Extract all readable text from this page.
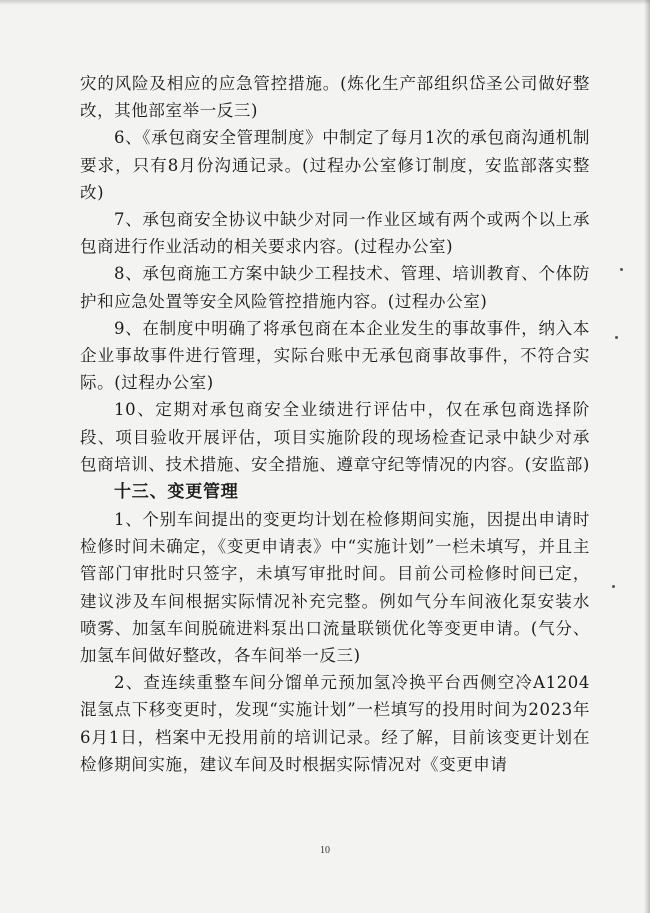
灾的风险及相应的应急管控措施。(炼化生产部组织岱圣公司做好整改，其他部室举一反三)

6、《承包商安全管理制度》中制定了每月1次的承包商沟通机制要求，只有8月份沟通记录。(过程办公室修订制度，安监部落实整改)

7、承包商安全协议中缺少对同一作业区域有两个或两个以上承包商进行作业活动的相关要求内容。(过程办公室)

8、承包商施工方案中缺少工程技术、管理、培训教育、个体防护和应急处置等安全风险管控措施内容。(过程办公室)

9、在制度中明确了将承包商在本企业发生的事故事件，纳入本企业事故事件进行管理，实际台账中无承包商事故事件，不符合实际。(过程办公室)

10、定期对承包商安全业绩进行评估中，仅在承包商选择阶段、项目验收开展评估，项目实施阶段的现场检查记录中缺少对承包商培训、技术措施、安全措施、遵章守纪等情况的内容。(安监部)

十三、变更管理

1、个别车间提出的变更均计划在检修期间实施，因提出申请时检修时间未确定，《变更申请表》中“实施计划”一栏未填写，并且主管部门审批时只签字，未填写审批时间。目前公司检修时间已定，建议涉及车间根据实际情况补充完整。例如气分车间液化泵安装水喷雾、加氢车间脱硫进料泵出口流量联锁优化等变更申请。(气分、加氢车间做好整改，各车间举一反三)

2、查连续重整车间分馏单元预加氢冷换平台西侧空冷A1204混氢点下移变更时，发现“实施计划”一栏填写的投用时间为2023年6月1日，档案中无投用前的培训记录。经了解，目前该变更计划在检修期间实施，建议车间及时根据实际情况对《变更申请

10
